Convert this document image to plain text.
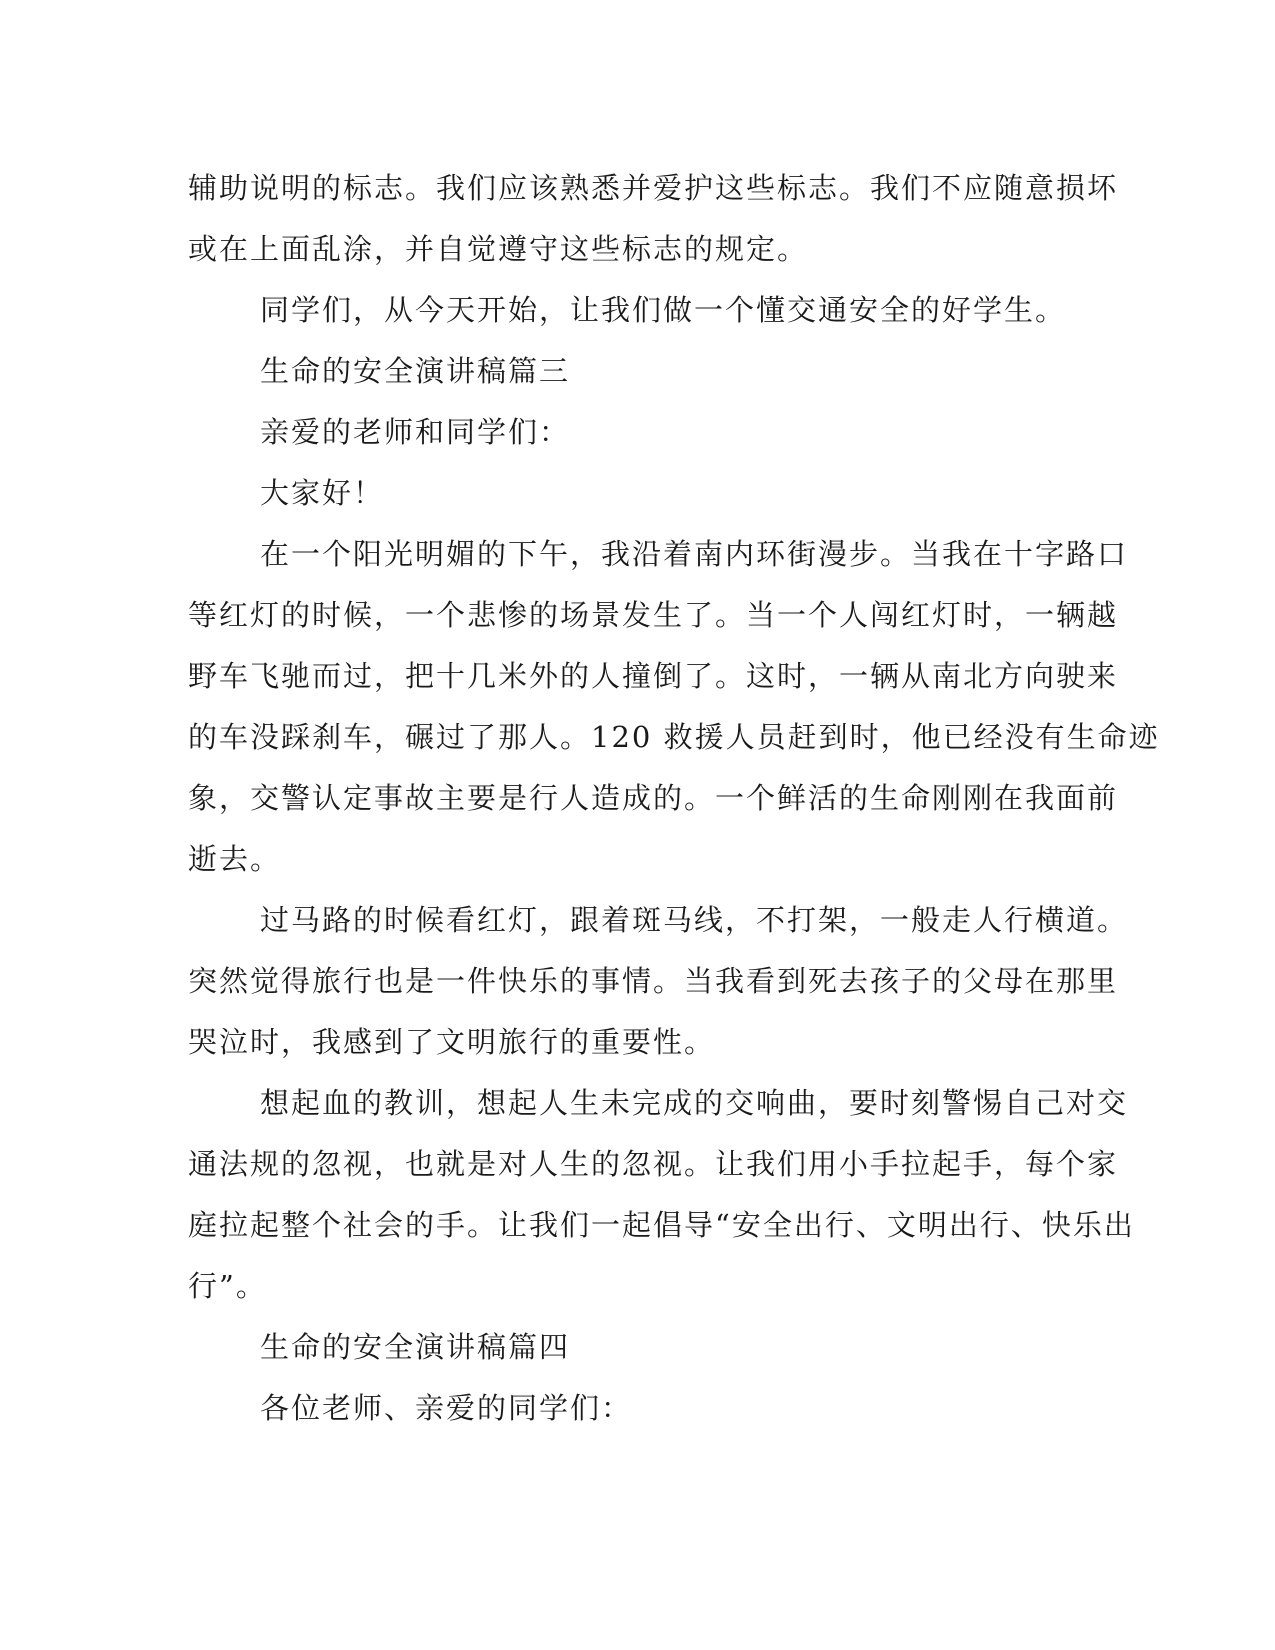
辅助说明的标志。我们应该熟悉并爱护这些标志。我们不应随意损坏
或在上面乱涂，并自觉遵守这些标志的规定。
同学们，从今天开始，让我们做一个懂交通安全的好学生。
生命的安全演讲稿篇三
亲爱的老师和同学们：
大家好！
在一个阳光明媚的下午，我沿着南内环街漫步。当我在十字路口
等红灯的时候，一个悲惨的场景发生了。当一个人闯红灯时，一辆越
野车飞驰而过，把十几米外的人撞倒了。这时，一辆从南北方向驶来
的车没踩刹车，碾过了那人。120 救援人员赶到时，他已经没有生命迹
象，交警认定事故主要是行人造成的。一个鲜活的生命刚刚在我面前
逝去。
过马路的时候看红灯，跟着斑马线，不打架，一般走人行横道。
突然觉得旅行也是一件快乐的事情。当我看到死去孩子的父母在那里
哭泣时，我感到了文明旅行的重要性。
想起血的教训，想起人生未完成的交响曲，要时刻警惕自己对交
通法规的忽视，也就是对人生的忽视。让我们用小手拉起手，每个家
庭拉起整个社会的手。让我们一起倡导“安全出行、文明出行、快乐出
行”。
生命的安全演讲稿篇四
各位老师、亲爱的同学们：
